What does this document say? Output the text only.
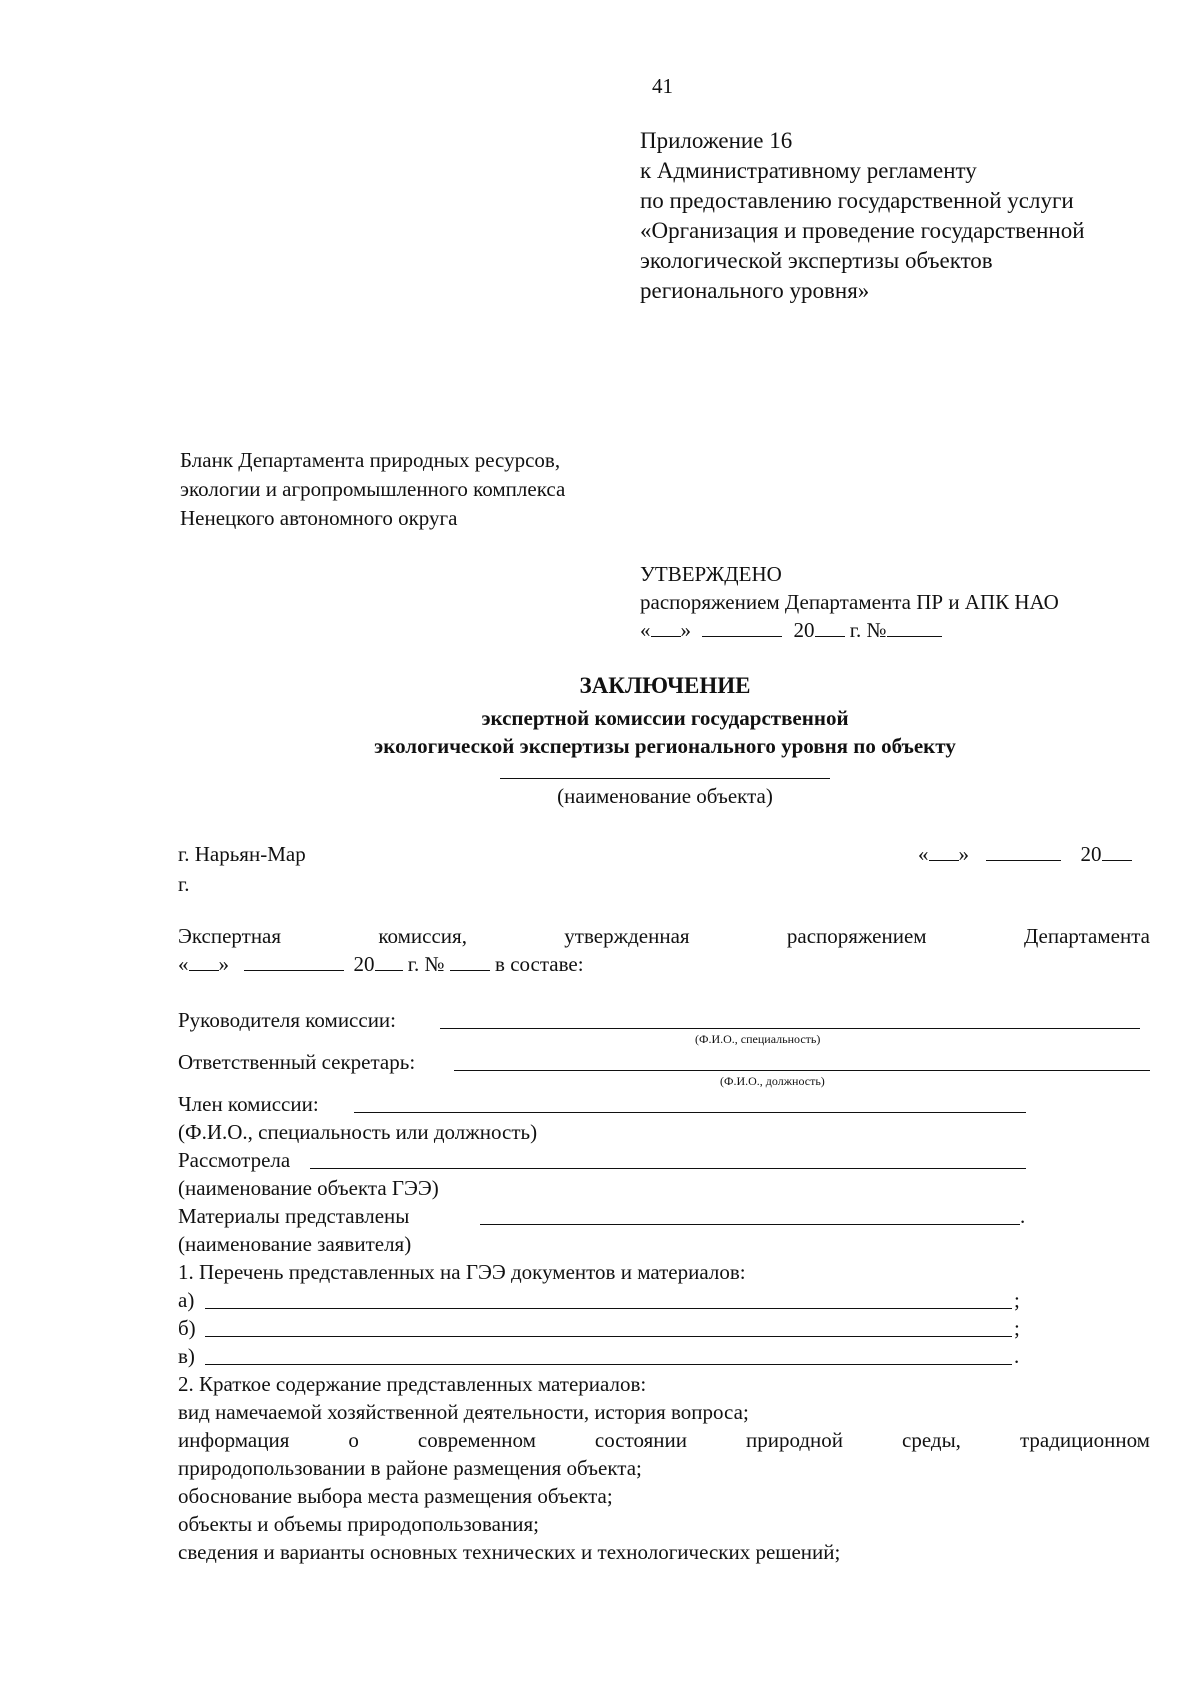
41
Приложение 16
к Административному регламенту
по предоставлению государственной услуги
«Организация и проведение государственной
экологической экспертизы объектов
регионального уровня»
Бланк Департамента природных ресурсов,
экологии и агропромышленного комплекса
Ненецкого автономного округа
УТВЕРЖДЕНО
распоряжением Департамента ПР и АПК НАО
« »	20 г. №
ЗАКЛЮЧЕНИЕ
экспертной комиссии государственной
экологической экспертизы регионального уровня по объекту
(наименование объекта)
г. Нарьян-Мар
г.
« »	20
Экспертная	комиссия,	утвержденная	распоряжением	Департамента
« »	20 г. № в составе:
Руководителя комиссии:
(Ф.И.О., специальность)
Ответственный секретарь:
(Ф.И.О., должность)
Член комиссии:
(Ф.И.О., специальность или должность)
Рассмотрела
(наименование объекта ГЭЭ)
Материалы представлены	.
(наименование заявителя)
1. Перечень представленных на ГЭЭ документов и материалов:
а)	;
б)	;
в)	.
2. Краткое содержание представленных материалов:
вид намечаемой хозяйственной деятельности, история вопроса;
информация	о	современном	состоянии	природной	среды,	традиционном
природопользовании в районе размещения объекта;
обоснование выбора места размещения объекта;
объекты и объемы природопользования;
сведения и варианты основных технических и технологических решений;
